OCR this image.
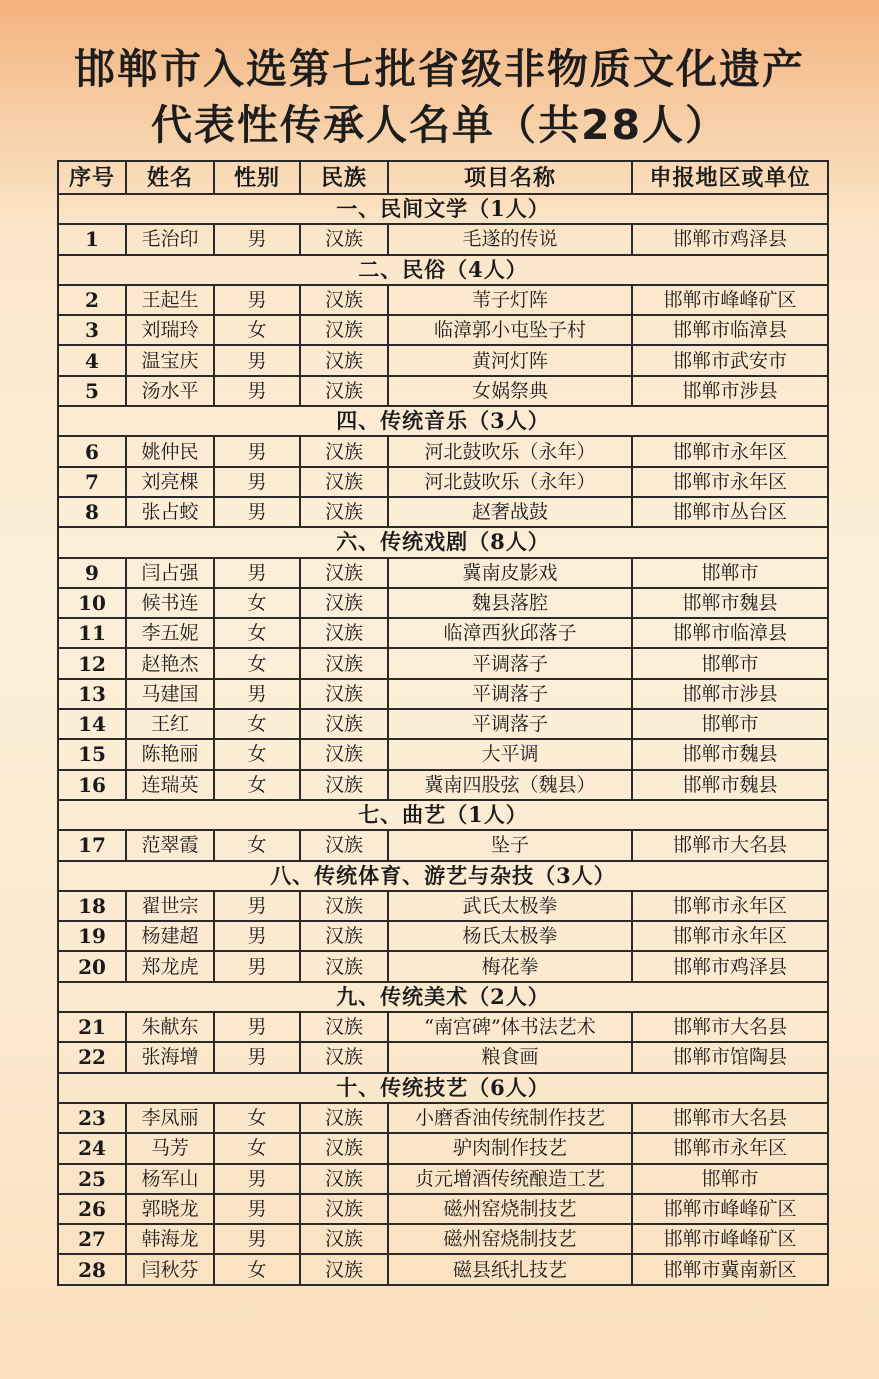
邯郸市入选第七批省级非物质文化遗产
代表性传承人名单（共28人）
序号	姓名	性别	民族	项目名称	申报地区或单位
一、民间文学（1人）					
1	毛治印	男	汉族	毛遂的传说	邯郸市鸡泽县
二、民俗（4人）					
2	王起生	男	汉族	苇子灯阵	邯郸市峰峰矿区
3	刘瑞玲	女	汉族	临漳郭小屯坠子村	邯郸市临漳县
4	温宝庆	男	汉族	黄河灯阵	邯郸市武安市
5	汤水平	男	汉族	女娲祭典	邯郸市涉县
四、传统音乐（3人）					
6	姚仲民	男	汉族	河北鼓吹乐（永年）	邯郸市永年区
7	刘亮棵	男	汉族	河北鼓吹乐（永年）	邯郸市永年区
8	张占蛟	男	汉族	赵奢战鼓	邯郸市丛台区
六、传统戏剧（8人）					
9	闫占强	男	汉族	冀南皮影戏	邯郸市
10	候书连	女	汉族	魏县落腔	邯郸市魏县
11	李五妮	女	汉族	临漳西狄邱落子	邯郸市临漳县
12	赵艳杰	女	汉族	平调落子	邯郸市
13	马建国	男	汉族	平调落子	邯郸市涉县
14	王红	女	汉族	平调落子	邯郸市
15	陈艳丽	女	汉族	大平调	邯郸市魏县
16	连瑞英	女	汉族	冀南四股弦（魏县）	邯郸市魏县
七、曲艺（1人）					
17	范翠霞	女	汉族	坠子	邯郸市大名县
八、传统体育、游艺与杂技（3人）					
18	翟世宗	男	汉族	武氏太极拳	邯郸市永年区
19	杨建超	男	汉族	杨氏太极拳	邯郸市永年区
20	郑龙虎	男	汉族	梅花拳	邯郸市鸡泽县
九、传统美术（2人）					
21	朱献东	男	汉族	“南宫碑”体书法艺术	邯郸市大名县
22	张海增	男	汉族	粮食画	邯郸市馆陶县
十、传统技艺（6人）					
23	李凤丽	女	汉族	小磨香油传统制作技艺	邯郸市大名县
24	马芳	女	汉族	驴肉制作技艺	邯郸市永年区
25	杨军山	男	汉族	贞元增酒传统酿造工艺	邯郸市
26	郭晓龙	男	汉族	磁州窑烧制技艺	邯郸市峰峰矿区
27	韩海龙	男	汉族	磁州窑烧制技艺	邯郸市峰峰矿区
28	闫秋芬	女	汉族	磁县纸扎技艺	邯郸市冀南新区
